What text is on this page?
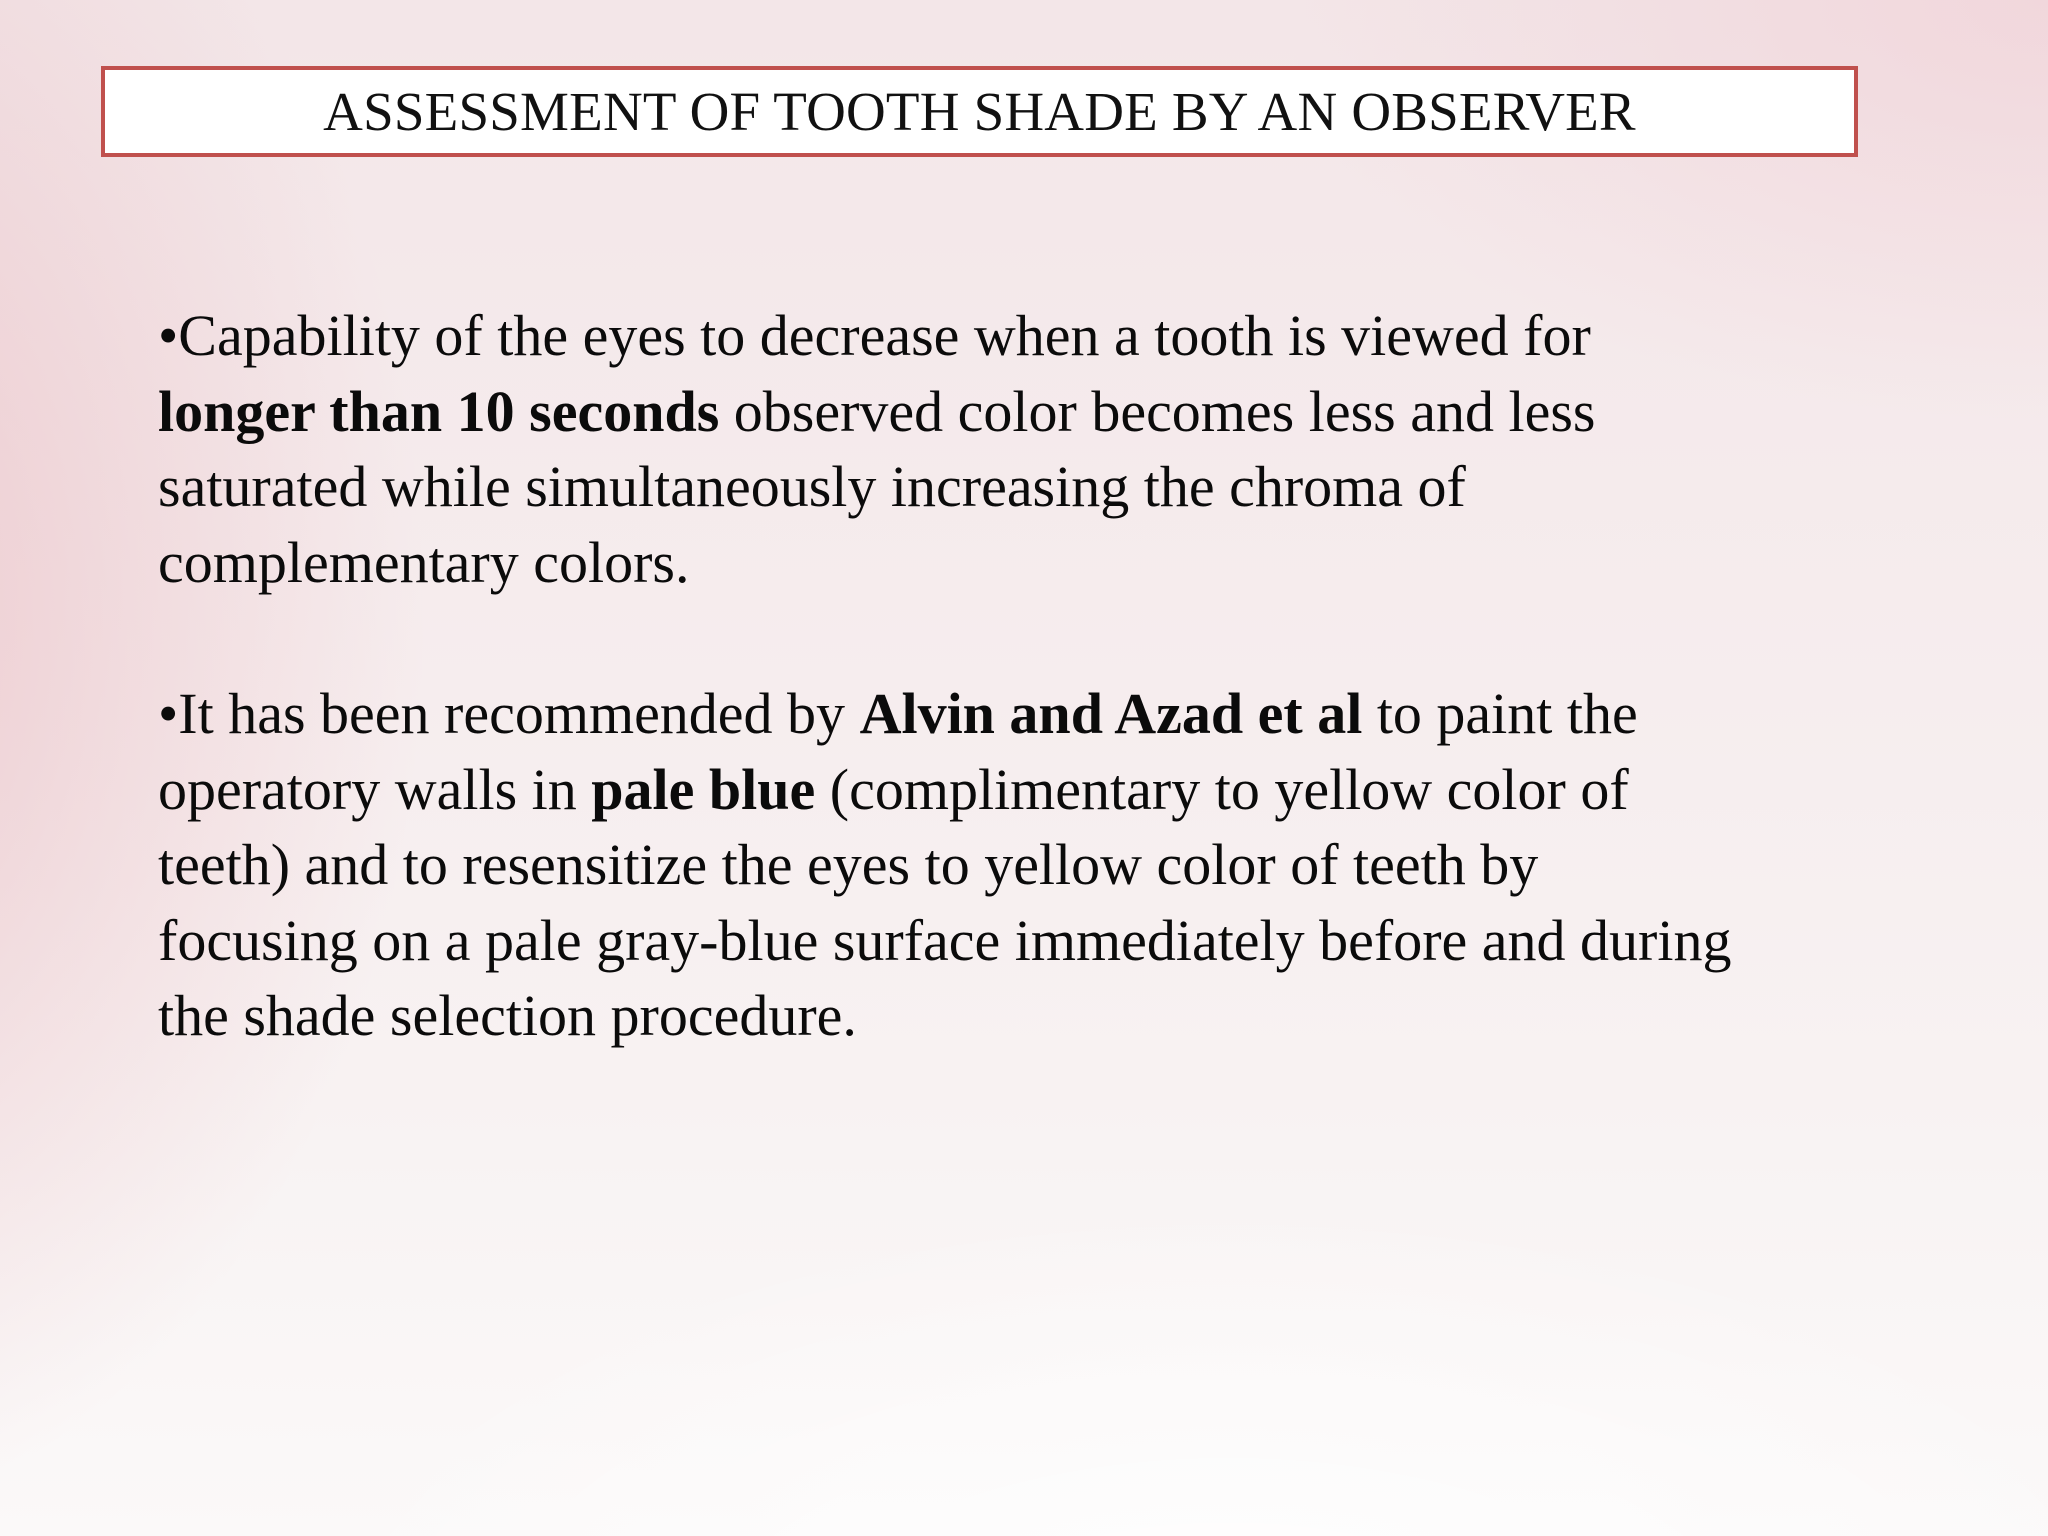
ASSESSMENT OF TOOTH SHADE BY AN OBSERVER

•Capability of the eyes to decrease when a tooth is viewed for
longer than 10 seconds observed color becomes less and less
saturated while simultaneously increasing the chroma of
complementary colors.

•It has been recommended by Alvin and Azad et al to paint the
operatory walls in pale blue (complimentary to yellow color of
teeth) and to resensitize the eyes to yellow color of teeth by
focusing on a pale gray-blue surface immediately before and during
the shade selection procedure.
